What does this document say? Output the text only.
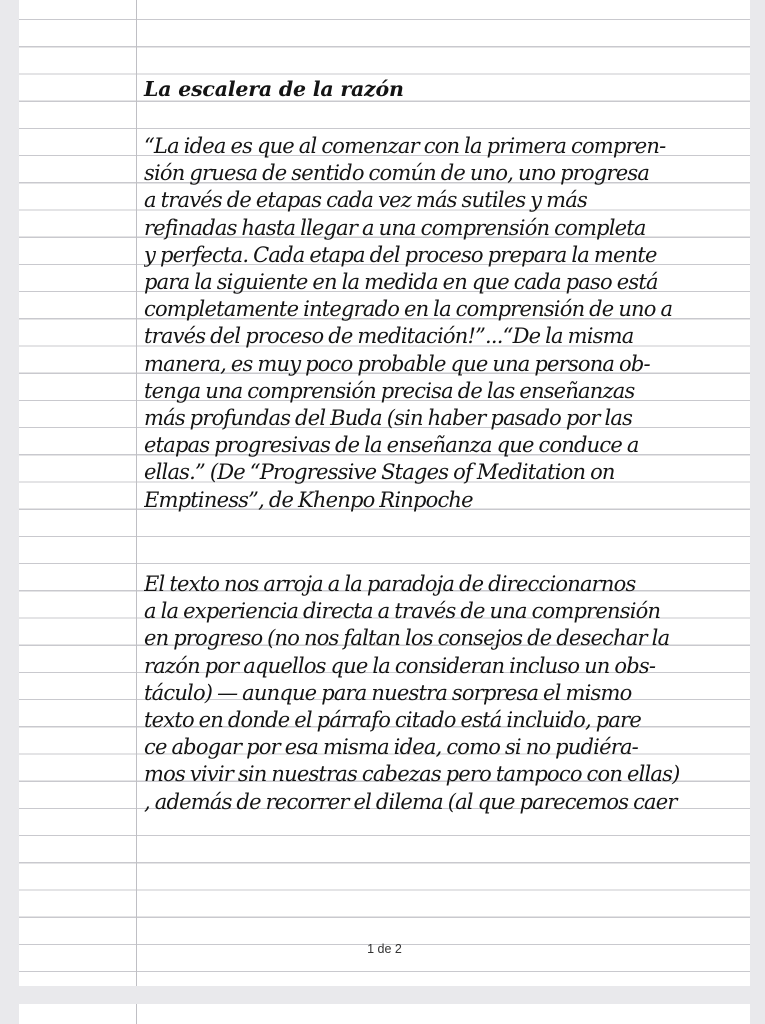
La escalera de la razón

“La idea es que al comenzar con la primera compren-
sión gruesa de sentido común de uno, uno progresa
a través de etapas cada vez más sutiles y más
refinadas hasta llegar a una comprensión completa
y perfecta. Cada etapa del proceso prepara la mente
para la siguiente en la medida en que cada paso está
completamente integrado en la comprensión de uno a
través del proceso de meditación!”...“De la misma
manera, es muy poco probable que una persona ob-
tenga una comprensión precisa de las enseñanzas
más profundas del Buda (sin haber pasado por las
etapas progresivas de la enseñanza que conduce a
ellas.” (De “Progressive Stages of Meditation on
Emptiness”, de Khenpo Rinpoche

El texto nos arroja a la paradoja de direccionarnos
a la experiencia directa a través de una comprensión
en progreso (no nos faltan los consejos de desechar la
razón por aquellos que la consideran incluso un obs-
táculo) — aunque para nuestra sorpresa el mismo
texto en donde el párrafo citado está incluido, pare
ce abogar por esa misma idea, como si no pudiéra-
mos vivir sin nuestras cabezas pero tampoco con ellas)
, además de recorrer el dilema (al que parecemos caer

1 de 2
